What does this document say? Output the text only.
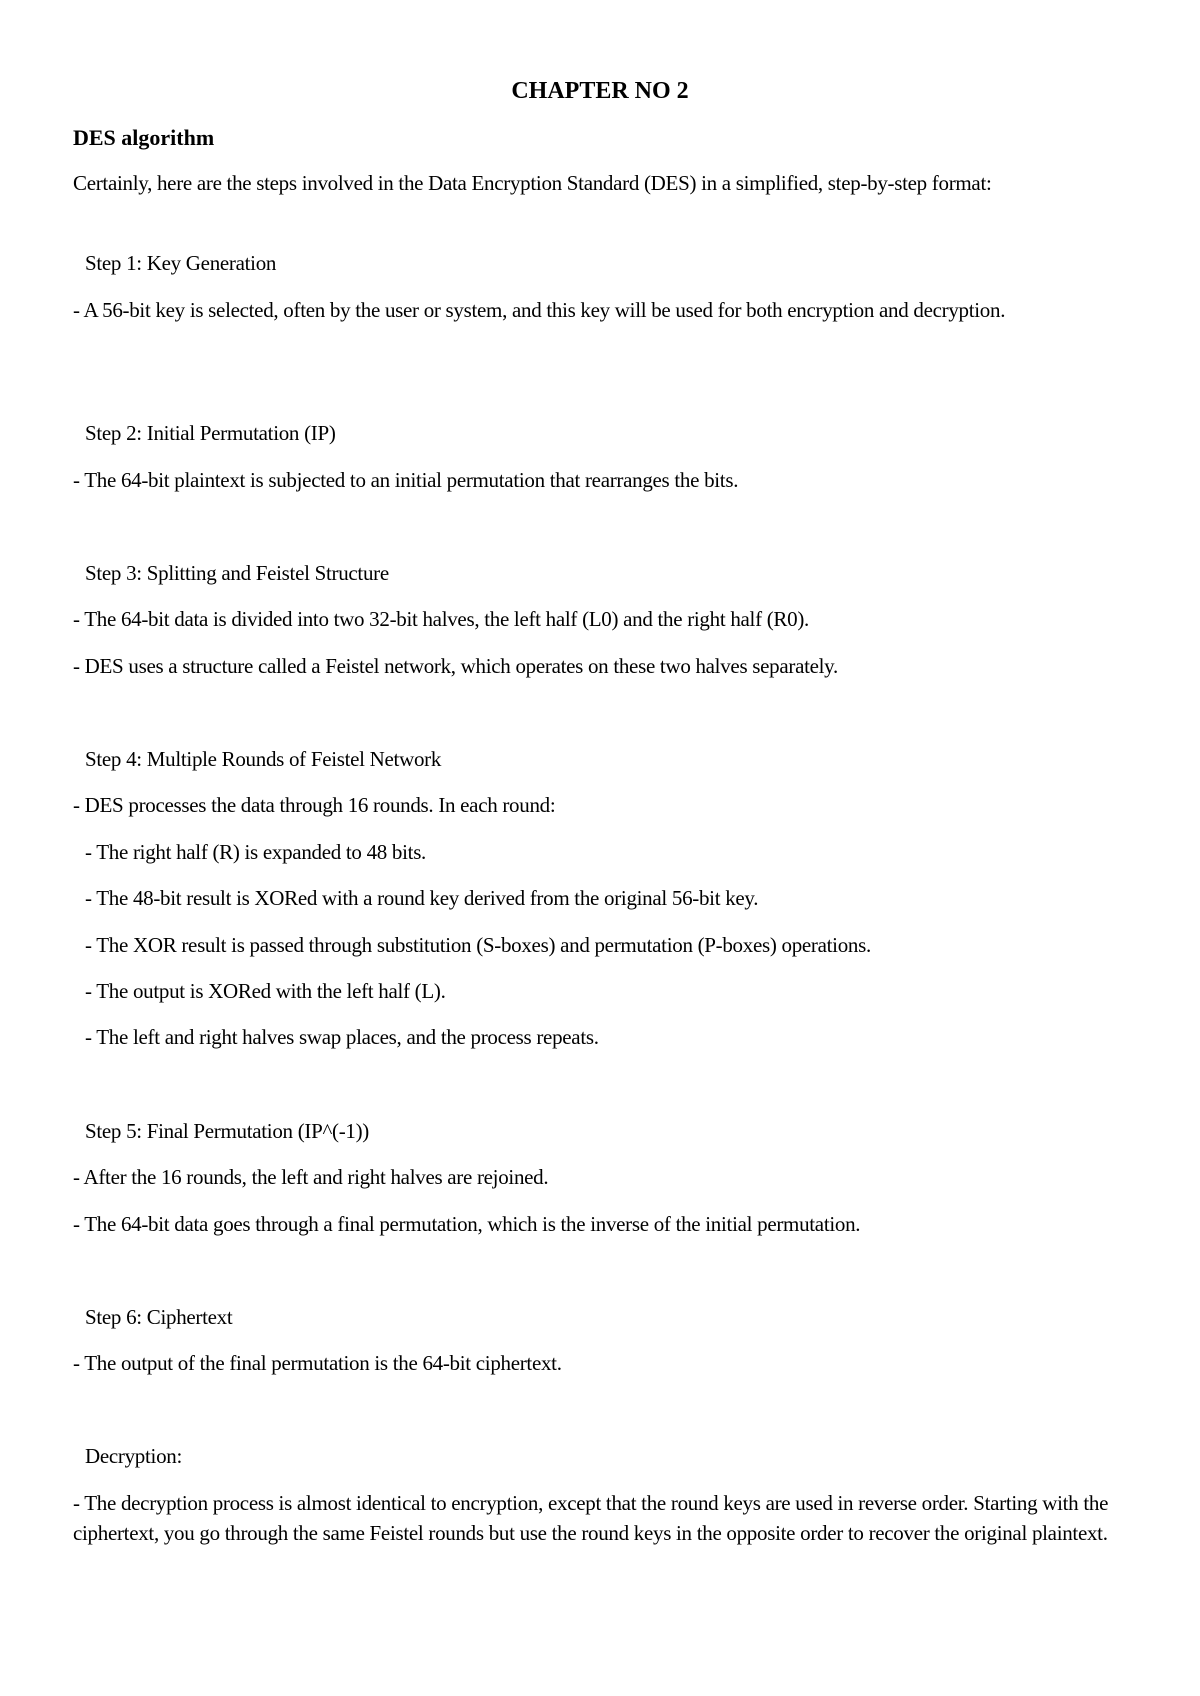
CHAPTER NO 2
DES algorithm

Certainly, here are the steps involved in the Data Encryption Standard (DES) in a simplified, step-by-step format:

Step 1: Key Generation

- A 56-bit key is selected, often by the user or system, and this key will be used for both encryption and decryption.

Step 2: Initial Permutation (IP)

- The 64-bit plaintext is subjected to an initial permutation that rearranges the bits.

Step 3: Splitting and Feistel Structure

- The 64-bit data is divided into two 32-bit halves, the left half (L0) and the right half (R0).

- DES uses a structure called a Feistel network, which operates on these two halves separately.

Step 4: Multiple Rounds of Feistel Network

- DES processes the data through 16 rounds. In each round:

- The right half (R) is expanded to 48 bits.

- The 48-bit result is XORed with a round key derived from the original 56-bit key.

- The XOR result is passed through substitution (S-boxes) and permutation (P-boxes) operations.

- The output is XORed with the left half (L).

- The left and right halves swap places, and the process repeats.

Step 5: Final Permutation (IP^(-1))

- After the 16 rounds, the left and right halves are rejoined.

- The 64-bit data goes through a final permutation, which is the inverse of the initial permutation.

Step 6: Ciphertext

- The output of the final permutation is the 64-bit ciphertext.

Decryption:

- The decryption process is almost identical to encryption, except that the round keys are used in reverse order. Starting with the ciphertext, you go through the same Feistel rounds but use the round keys in the opposite order to recover the original plaintext.
